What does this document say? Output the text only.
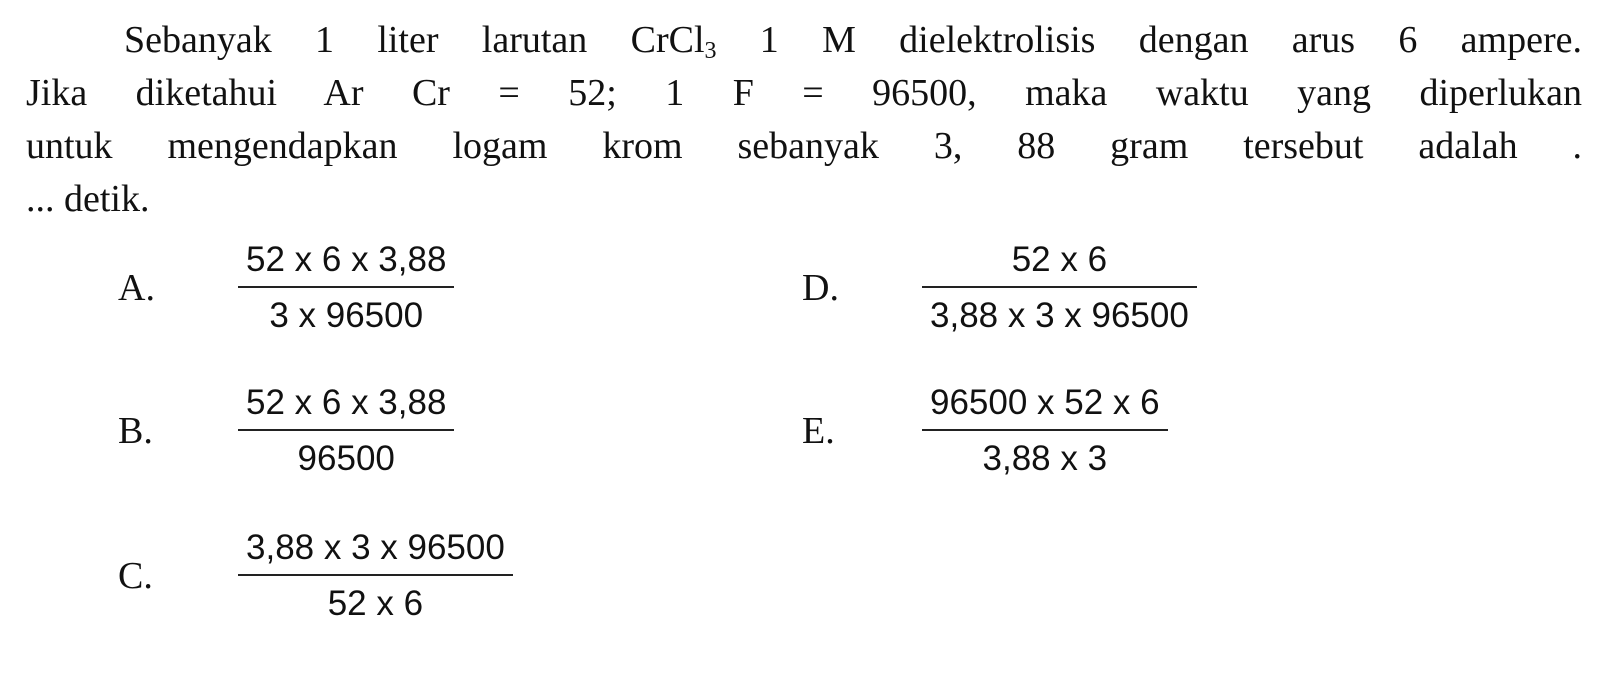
Sebanyak 1 liter larutan CrCl$_3$ 1 M dielektrolisis dengan arus 6 ampere.
Jika diketahui Ar Cr = 52; 1 F = 96500, maka waktu yang diperlukan
untuk mengendapkan logam krom sebanyak 3, 88 gram tersebut adalah .
... detik.
A.	$\frac{52 x 6 x 3,88}{3 x 96500}$
B.	$\frac{52 x 6 x 3,88}{96500}$
C.	$\frac{3,88 x 3 x 96500}{52 x 6}$
D.	$\frac{52 x 6}{3,88 x 3 x 96500}$
E.	$\frac{96500 x 52 x 6}{3,88 x 3}$
